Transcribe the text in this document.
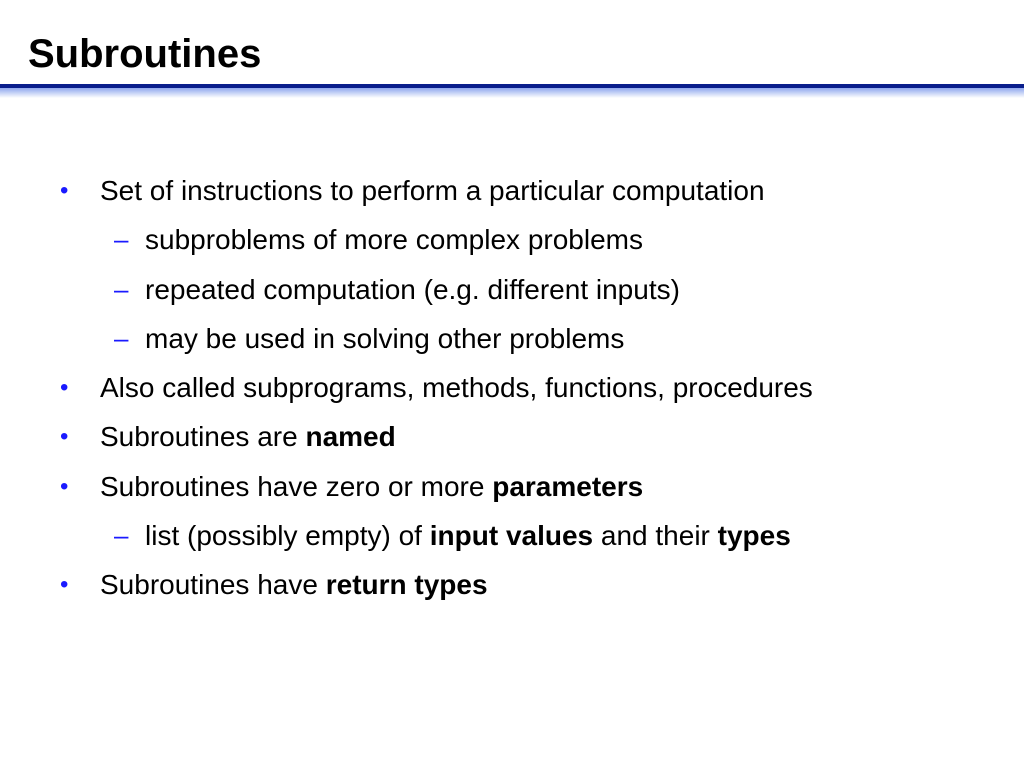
Subroutines
• Set of instructions to perform a particular computation
– subproblems of more complex problems
– repeated computation (e.g. different inputs)
– may be used in solving other problems
• Also called subprograms, methods, functions, procedures
• Subroutines are named
• Subroutines have zero or more parameters
– list (possibly empty) of input values and their types
• Subroutines have return types
